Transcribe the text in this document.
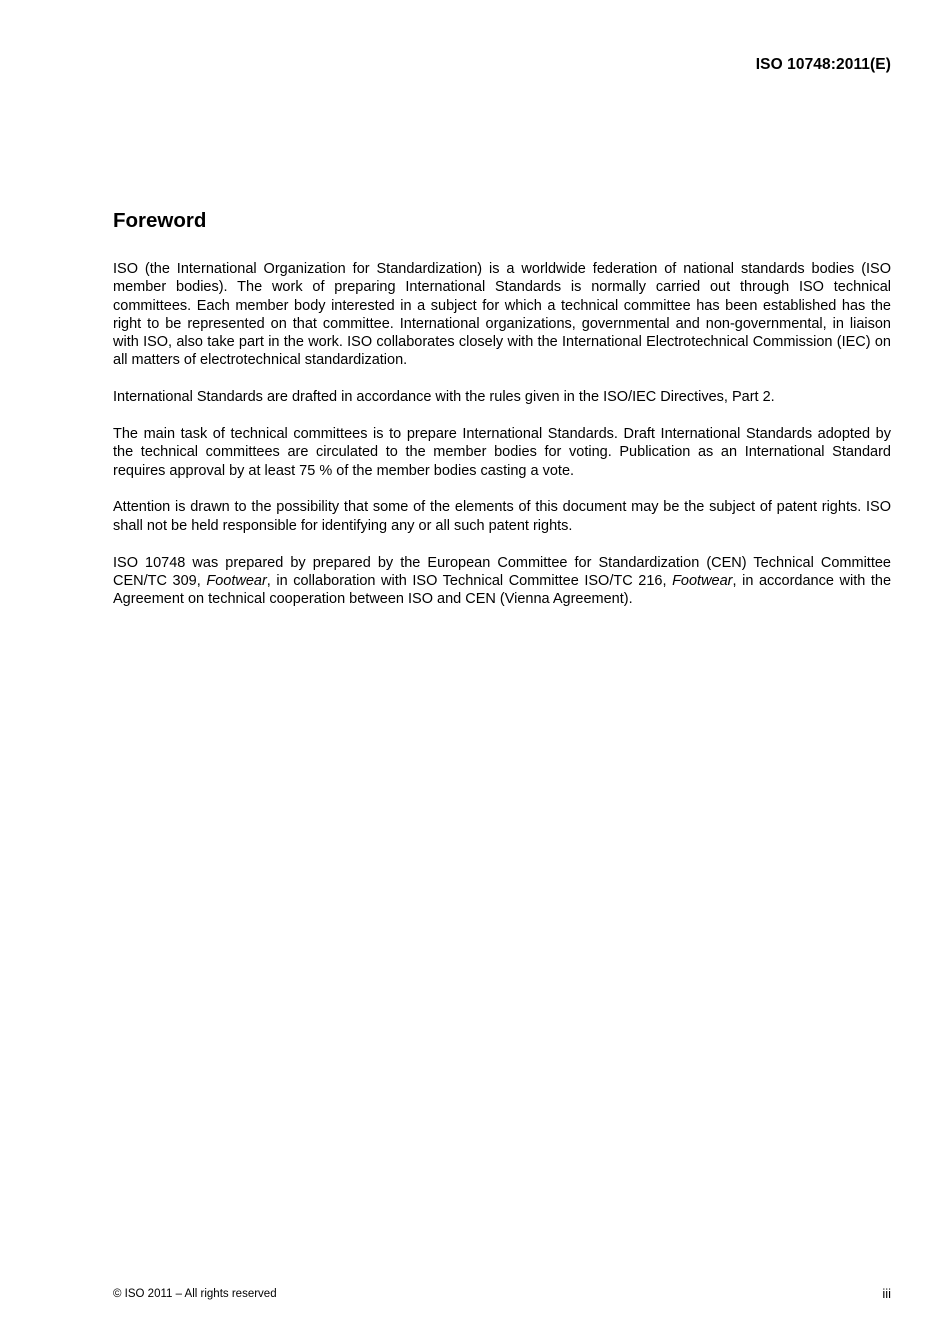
ISO 10748:2011(E)
Foreword

ISO (the International Organization for Standardization) is a worldwide federation of national standards bodies (ISO member bodies). The work of preparing International Standards is normally carried out through ISO technical committees. Each member body interested in a subject for which a technical committee has been established has the right to be represented on that committee. International organizations, governmental and non-governmental, in liaison with ISO, also take part in the work. ISO collaborates closely with the International Electrotechnical Commission (IEC) on all matters of electrotechnical standardization.

International Standards are drafted in accordance with the rules given in the ISO/IEC Directives, Part 2.

The main task of technical committees is to prepare International Standards. Draft International Standards adopted by the technical committees are circulated to the member bodies for voting. Publication as an International Standard requires approval by at least 75 % of the member bodies casting a vote.

Attention is drawn to the possibility that some of the elements of this document may be the subject of patent rights. ISO shall not be held responsible for identifying any or all such patent rights.

ISO 10748 was prepared by prepared by the European Committee for Standardization (CEN) Technical Committee CEN/TC 309, Footwear, in collaboration with ISO Technical Committee ISO/TC 216, Footwear, in accordance with the Agreement on technical cooperation between ISO and CEN (Vienna Agreement).

© ISO 2011 – All rights reserved	iii
